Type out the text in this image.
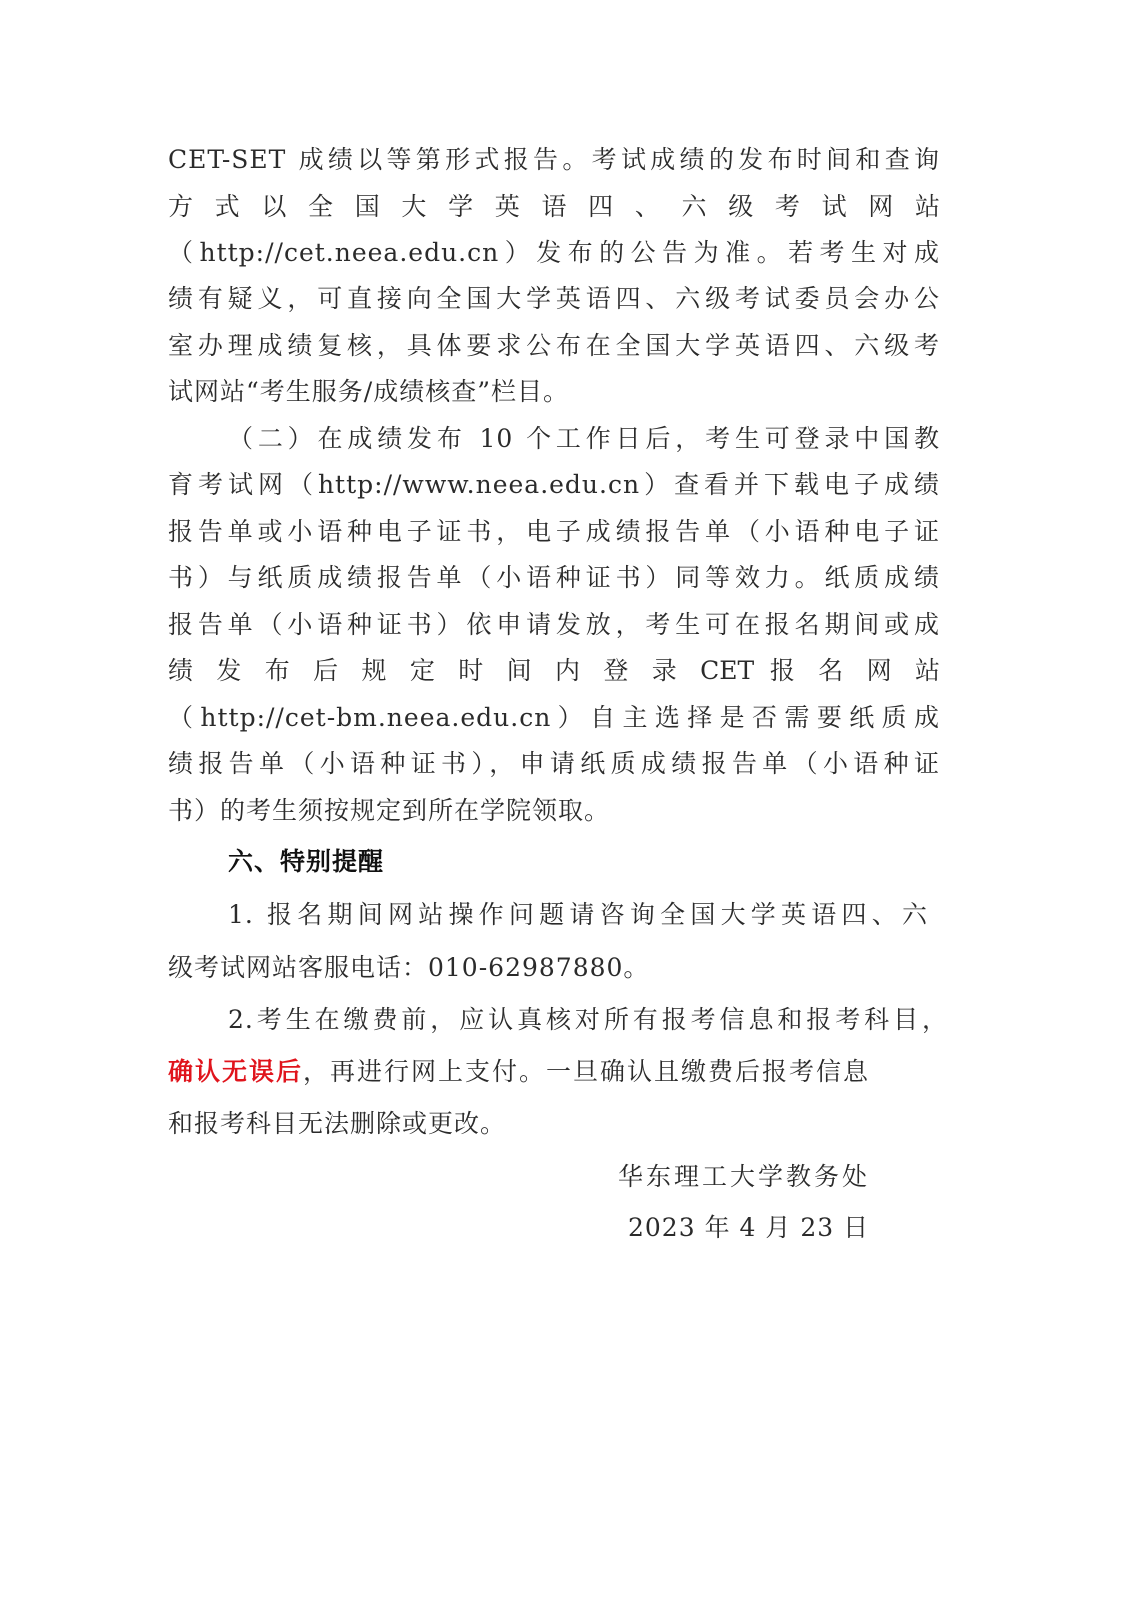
CET-SET 成绩以等第形式报告。考试成绩的发布时间和查询
方 式 以 全 国 大 学 英 语 四 、 六 级 考 试 网 站
（http://cet.neea.edu.cn）发布的公告为准。若考生对成
绩有疑义，可直接向全国大学英语四、六级考试委员会办公
室办理成绩复核，具体要求公布在全国大学英语四、六级考
试网站“考生服务/成绩核查”栏目。
（二）在成绩发布 10 个工作日后，考生可登录中国教
育考试网（http://www.neea.edu.cn）查看并下载电子成绩
报告单或小语种电子证书，电子成绩报告单（小语种电子证
书）与纸质成绩报告单（小语种证书）同等效力。纸质成绩
报告单（小语种证书）依申请发放，考生可在报名期间或成
绩 发 布 后 规 定 时 间 内 登 录 CET 报 名 网 站
（http://cet-bm.neea.edu.cn）自主选择是否需要纸质成
绩报告单（小语种证书），申请纸质成绩报告单（小语种证
书）的考生须按规定到所在学院领取。
六、特别提醒
1. 报名期间网站操作问题请咨询全国大学英语四、六
级考试网站客服电话：010-62987880。
2.考生在缴费前，应认真核对所有报考信息和报考科目，
确认无误后，再进行网上支付。一旦确认且缴费后报考信息
和报考科目无法删除或更改。
华东理工大学教务处
2023 年 4 月 23 日
